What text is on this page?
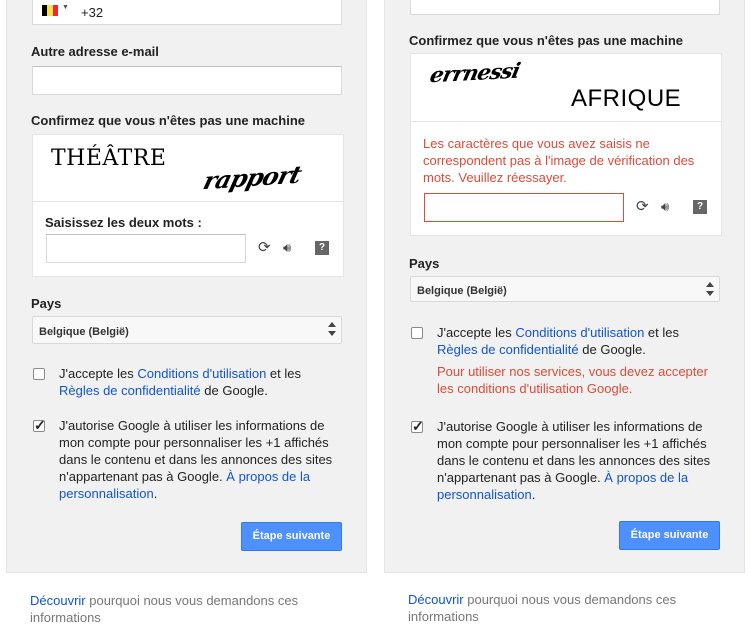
▼ +32
Autre adresse e-mail
Confirmez que vous n'êtes pas une machine
THÉÂTRE
rapport
Saisissez les deux mots :
⟳ 🔊︎	?
Pays
Belgique (België)
J'accepte les Conditions d'utilisation et les
Règles de confidentialité de Google.
✓
J'autorise Google à utiliser les informations de mon compte pour personnaliser les +1 affichés dans le contenu et dans les annonces des sites n'appartenant pas à Google. À propos de la personnalisation.
Étape suivante
Découvrir pourquoi nous vous demandons ces informations
Confirmez que vous n'êtes pas une machine
errnessi
AFRIQUE
Les caractères que vous avez saisis ne correspondent pas à l'image de vérification des mots. Veuillez réessayer.
⟳ 🔊︎	?
Pays
Belgique (België)
J'accepte les Conditions d'utilisation et les
Règles de confidentialité de Google.
Pour utiliser nos services, vous devez accepter les conditions d'utilisation Google.
✓
J'autorise Google à utiliser les informations de mon compte pour personnaliser les +1 affichés dans le contenu et dans les annonces des sites n'appartenant pas à Google. À propos de la personnalisation.
Étape suivante
Découvrir pourquoi nous vous demandons ces informations
